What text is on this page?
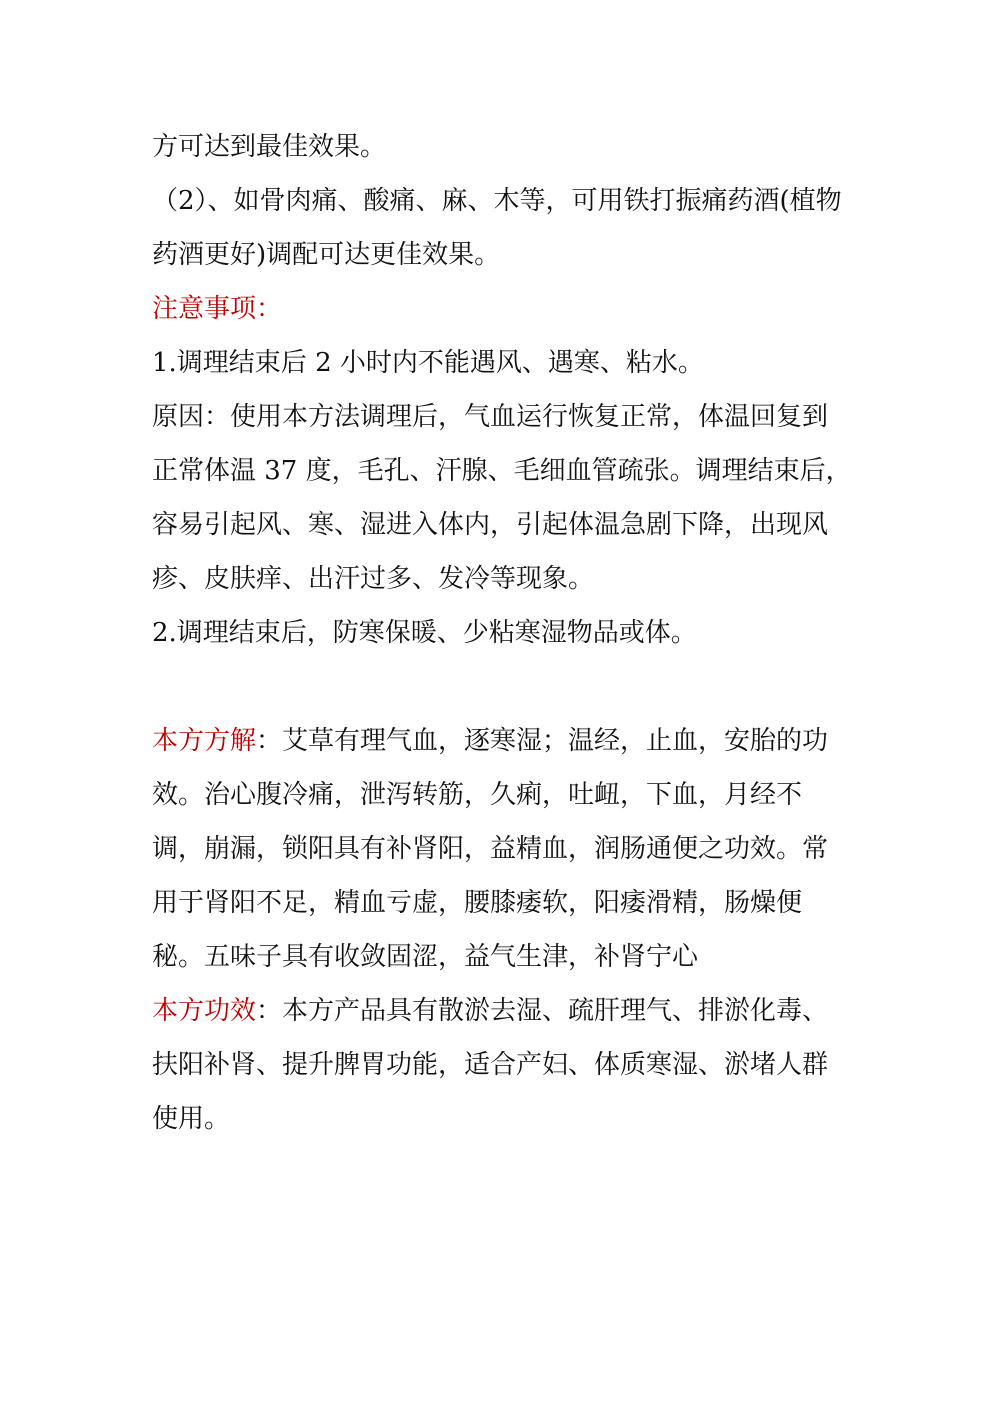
方可达到最佳效果。

（2）、如骨肉痛、酸痛、麻、木等，可用铁打振痛药酒(植物药酒更好)调配可达更佳效果。

注意事项：

1.调理结束后 2 小时内不能遇风、遇寒、粘水。

原因：使用本方法调理后，气血运行恢复正常，体温回复到正常体温 37 度，毛孔、汗腺、毛细血管疏张。调理结束后，容易引起风、寒、湿进入体内，引起体温急剧下降，出现风疹、皮肤痒、出汗过多、发冷等现象。

2.调理结束后，防寒保暖、少粘寒湿物品或体。

本方方解：艾草有理气血，逐寒湿；温经，止血，安胎的功效。治心腹冷痛，泄泻转筋，久痢，吐衄，下血，月经不调，崩漏，锁阳具有补肾阳，益精血，润肠通便之功效。常用于肾阳不足，精血亏虚，腰膝痿软，阳痿滑精，肠燥便秘。五味子具有收敛固涩，益气生津，补肾宁心

本方功效：本方产品具有散淤去湿、疏肝理气、排淤化毒、扶阳补肾、提升脾胃功能，适合产妇、体质寒湿、淤堵人群使用。
